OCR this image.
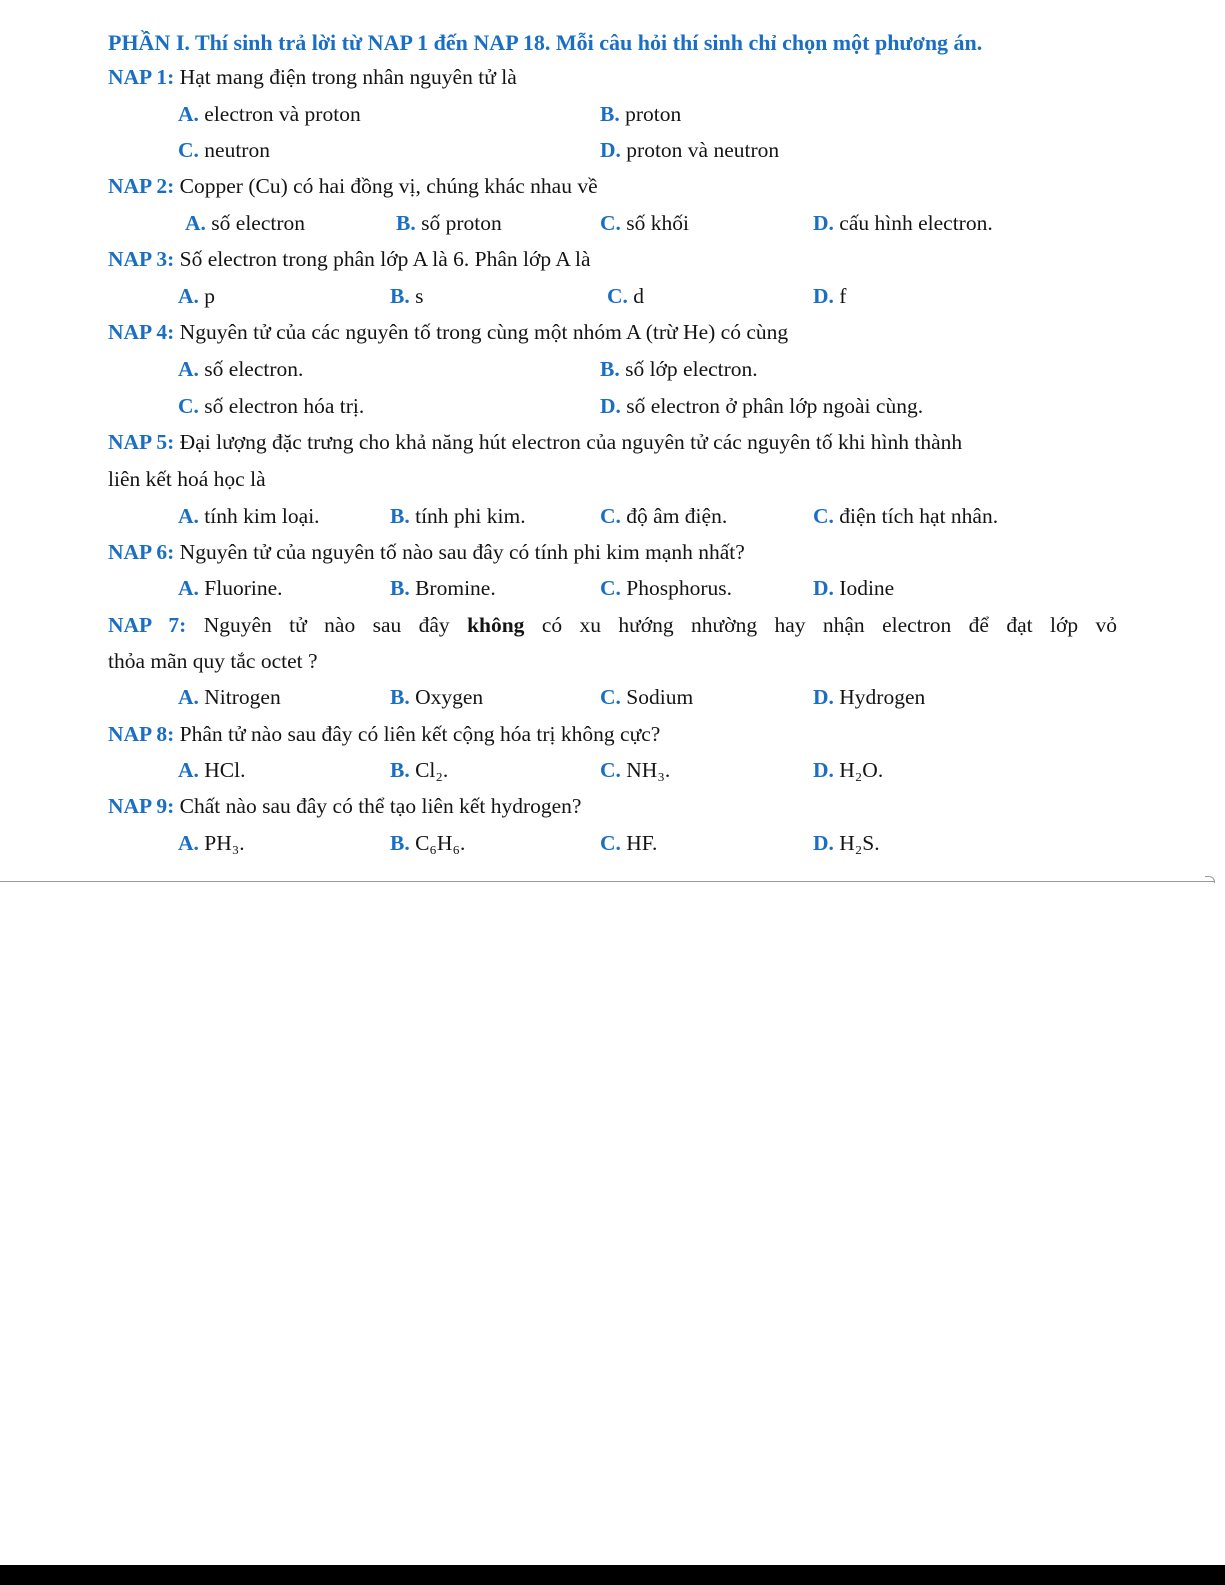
PHẦN I. Thí sinh trả lời từ NAP 1 đến NAP 18. Mỗi câu hỏi thí sinh chỉ chọn một phương án.
NAP 1: Hạt mang điện trong nhân nguyên tử là
A. electron và proton	B. proton
C. neutron	D. proton và neutron
NAP 2: Copper (Cu) có hai đồng vị, chúng khác nhau về
A. số electron	B. số proton	C. số khối	D. cấu hình electron.
NAP 3: Số electron trong phân lớp A là 6. Phân lớp A là
A. p	B. s	C. d	D. f
NAP 4: Nguyên tử của các nguyên tố trong cùng một nhóm A (trừ He) có cùng
A. số electron.	B. số lớp electron.
C. số electron hóa trị.	D. số electron ở phân lớp ngoài cùng.
NAP 5: Đại lượng đặc trưng cho khả năng hút electron của nguyên tử các nguyên tố khi hình thành
liên kết hoá học là
A. tính kim loại.	B. tính phi kim.	C. độ âm điện.	C. điện tích hạt nhân.
NAP 6: Nguyên tử của nguyên tố nào sau đây có tính phi kim mạnh nhất?
A. Fluorine.	B. Bromine.	C. Phosphorus.	D. Iodine
NAP 7: Nguyên tử nào sau đây không có xu hướng nhường hay nhận electron để đạt lớp vỏ
thỏa mãn quy tắc octet ?
A. Nitrogen	B. Oxygen	C. Sodium	D. Hydrogen
NAP 8: Phân tử nào sau đây có liên kết cộng hóa trị không cực?
A. HCl.	B. Cl₂.	C. NH₃.	D. H₂O.
NAP 9: Chất nào sau đây có thể tạo liên kết hydrogen?
A. PH₃.	B. C₆H₆.	C. HF.	D. H₂S.
